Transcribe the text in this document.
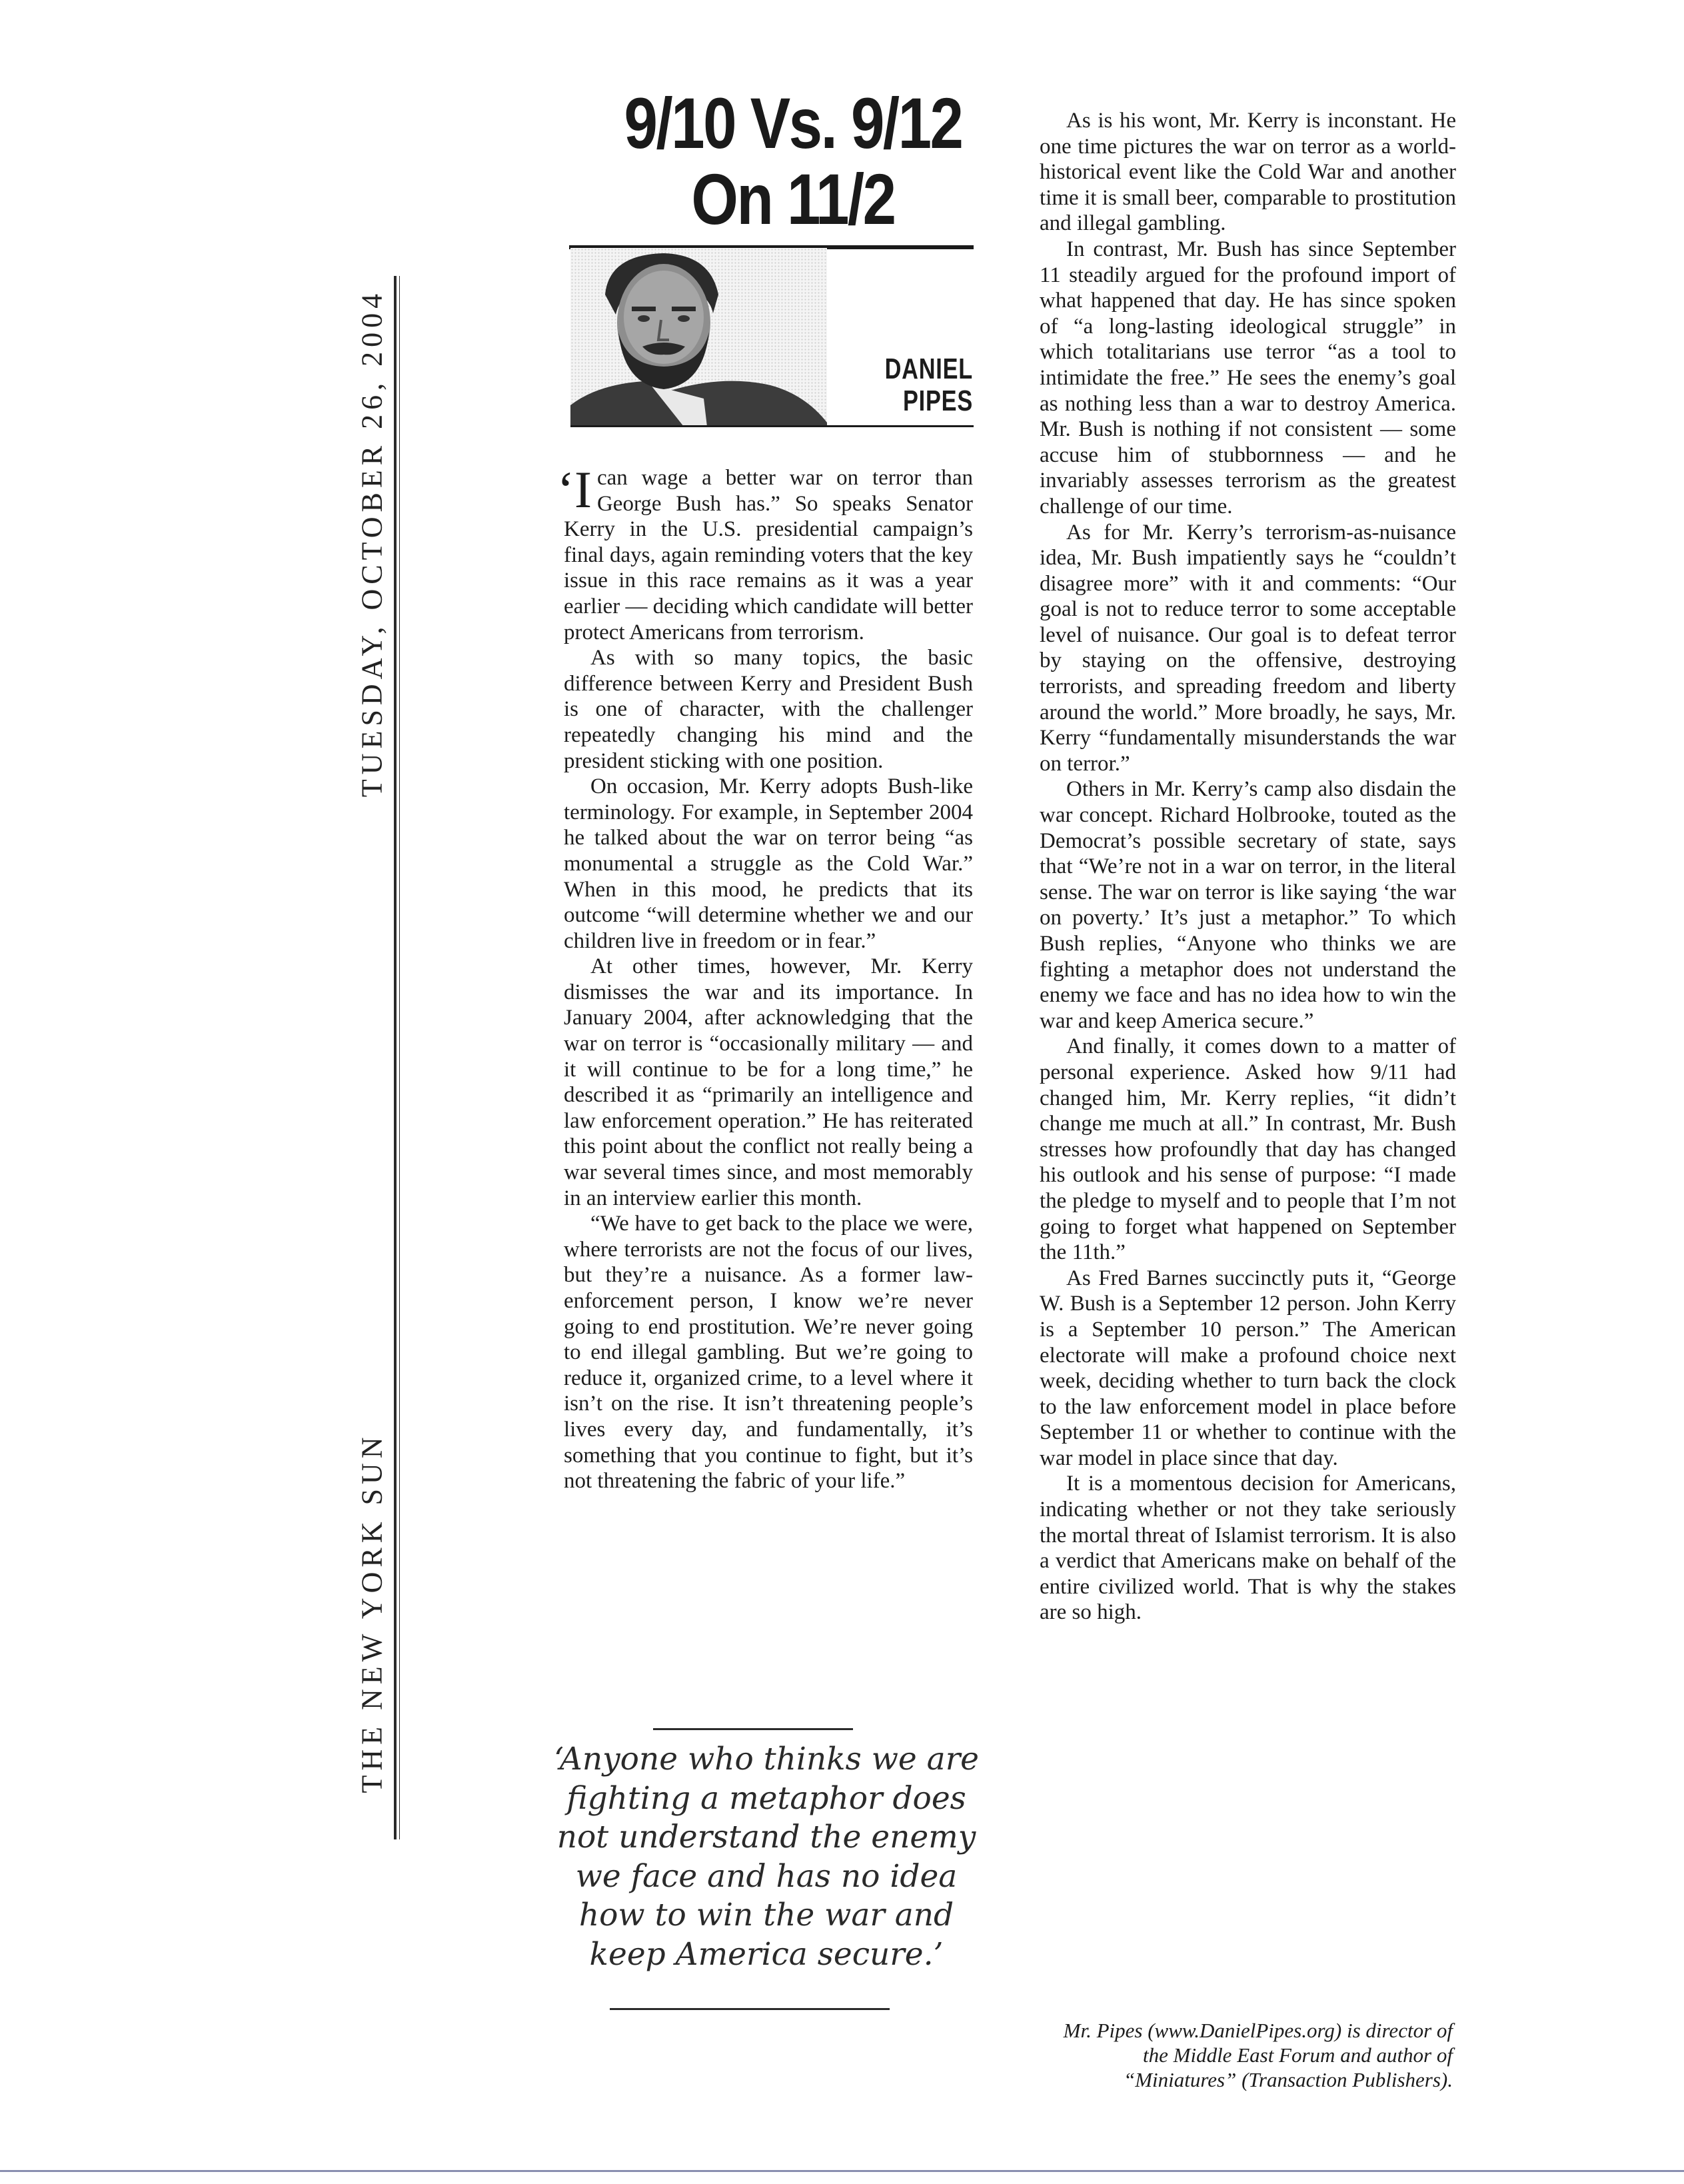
TUESDAY, OCTOBER 26, 2004
THE NEW YORK SUN
9/10 Vs. 9/12
On 11/2
DANIEL
PIPES

‘I can wage a better war on terror than George Bush has.” So speaks Senator Kerry in the U.S. presidential campaign’s final days, again reminding voters that the key issue in this race remains as it was a year earlier — deciding which candidate will better protect Americans from terrorism.

As with so many topics, the basic difference between Kerry and President Bush is one of character, with the challenger repeatedly changing his mind and the president sticking with one position.

On occasion, Mr. Kerry adopts Bush-like terminology. For example, in September 2004 he talked about the war on terror being “as monumental a struggle as the Cold War.” When in this mood, he predicts that its outcome “will determine whether we and our children live in freedom or in fear.”

At other times, however, Mr. Kerry dismisses the war and its importance. In January 2004, after acknowledging that the war on terror is “occasionally military — and it will continue to be for a long time,” he described it as “primarily an intelligence and law enforcement operation.” He has reiterated this point about the conflict not really being a war several times since, and most memorably in an interview earlier this month.

“We have to get back to the place we were, where terrorists are not the focus of our lives, but they’re a nuisance. As a former law-enforcement person, I know we’re never going to end prostitution. We’re never going to end illegal gambling. But we’re going to reduce it, organized crime, to a level where it isn’t on the rise. It isn’t threatening people’s lives every day, and fundamentally, it’s something that you continue to fight, but it’s not threatening the fabric of your life.”

‘Anyone who thinks we are fighting a metaphor does not understand the enemy we face and has no idea how to win the war and keep America secure.’

As is his wont, Mr. Kerry is inconstant. He one time pictures the war on terror as a world-historical event like the Cold War and another time it is small beer, comparable to prostitution and illegal gambling.

In contrast, Mr. Bush has since September 11 steadily argued for the profound import of what happened that day. He has since spoken of “a long-lasting ideological struggle” in which totalitarians use terror “as a tool to intimidate the free.” He sees the enemy’s goal as nothing less than a war to destroy America. Mr. Bush is nothing if not consistent — some accuse him of stubbornness — and he invariably assesses terrorism as the greatest challenge of our time.

As for Mr. Kerry’s terrorism-as-nuisance idea, Mr. Bush impatiently says he “couldn’t disagree more” with it and comments: “Our goal is not to reduce terror to some acceptable level of nuisance. Our goal is to defeat terror by staying on the offensive, destroying terrorists, and spreading freedom and liberty around the world.” More broadly, he says, Mr. Kerry “fundamentally misunderstands the war on terror.”

Others in Mr. Kerry’s camp also disdain the war concept. Richard Holbrooke, touted as the Democrat’s possible secretary of state, says that “We’re not in a war on terror, in the literal sense. The war on terror is like saying ‘the war on poverty.’ It’s just a metaphor.” To which Bush replies, “Anyone who thinks we are fighting a metaphor does not understand the enemy we face and has no idea how to win the war and keep America secure.”

And finally, it comes down to a matter of personal experience. Asked how 9/11 had changed him, Mr. Kerry replies, “it didn’t change me much at all.” In contrast, Mr. Bush stresses how profoundly that day has changed his outlook and his sense of purpose: “I made the pledge to myself and to people that I’m not going to forget what happened on September the 11th.”

As Fred Barnes succinctly puts it, “George W. Bush is a September 12 person. John Kerry is a September 10 person.” The American electorate will make a profound choice next week, deciding whether to turn back the clock to the law enforcement model in place before September 11 or whether to continue with the war model in place since that day.

It is a momentous decision for Americans, indicating whether or not they take seriously the mortal threat of Islamist terrorism. It is also a verdict that Americans make on behalf of the entire civilized world. That is why the stakes are so high.

Mr. Pipes (www.DanielPipes.org) is director of the Middle East Forum and author of “Miniatures” (Transaction Publishers).
